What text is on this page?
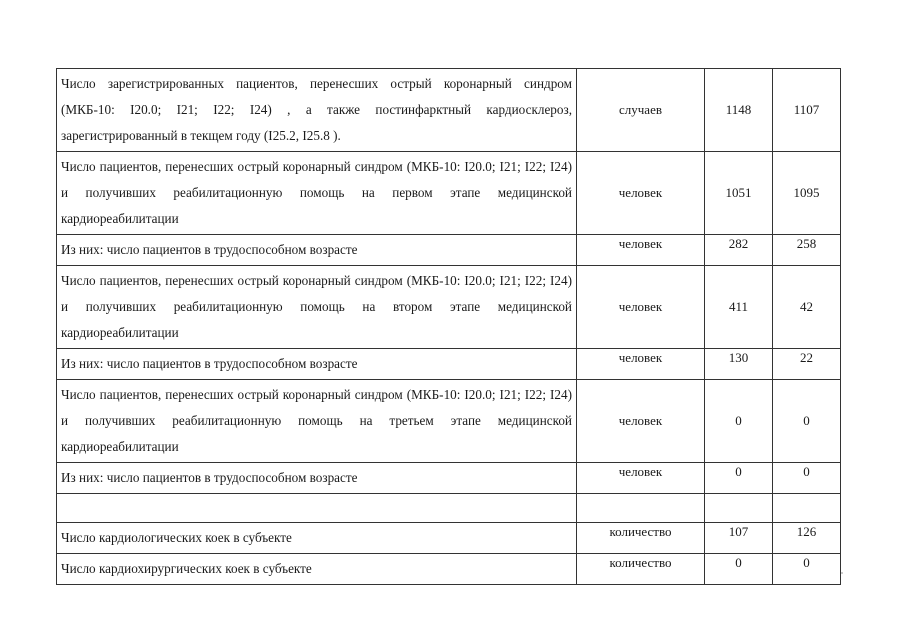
Число зарегистрированных пациентов, перенесших острый коронарный синдром (МКБ-10: I20.0; I21; I22; I24) , а также постинфарктный кардиосклероз, зарегистрированный в текщем году (I25.2, I25.8 ).	случаев	1148	1107
Число пациентов, перенесших острый коронарный синдром (МКБ-10: I20.0; I21; I22; I24) и получивших реабилитационную помощь на первом этапе медицинской кардиореабилитации	человек	1051	1095
Из них: число пациентов в трудоспособном возрасте	человек	282	258
Число пациентов, перенесших острый коронарный синдром (МКБ-10: I20.0; I21; I22; I24) и получивших реабилитационную помощь на втором этапе медицинской кардиореабилитации	человек	411	42
Из них: число пациентов в трудоспособном возрасте	человек	130	22
Число пациентов, перенесших острый коронарный синдром (МКБ-10: I20.0; I21; I22; I24) и получивших реабилитационную помощь на третьем этапе медицинской кардиореабилитации	человек	0	0
Из них: число пациентов в трудоспособном возрасте	человек	0	0

Число кардиологических коек в субъекте	количество	107	126
Число кардиохирургических коек в субъекте	количество	0	0
